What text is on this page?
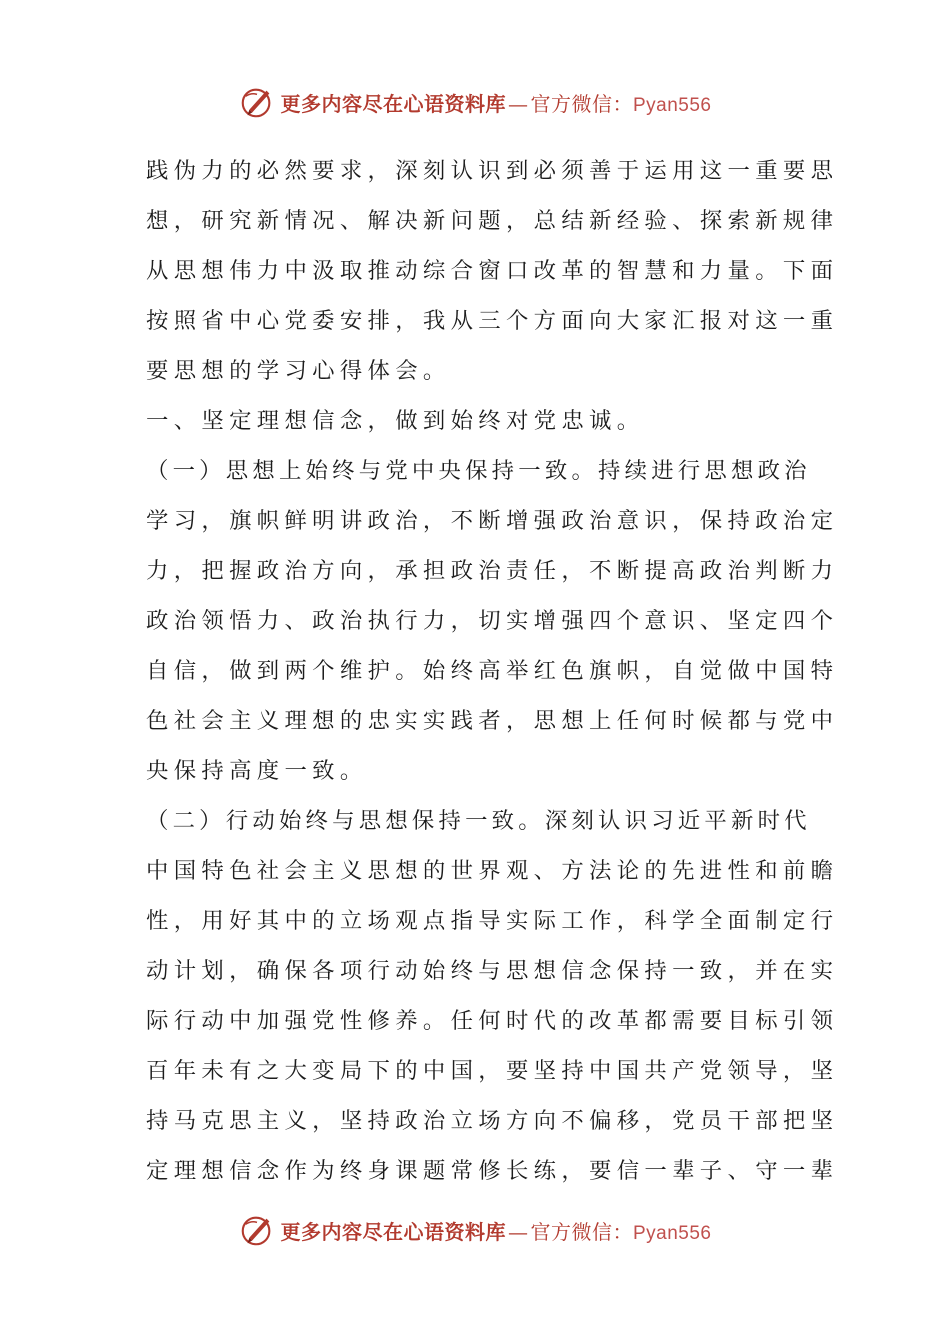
更多内容尽在心语资料库 — 官方微信：Pyan556
践伪力的必然要求，深刻认识到必须善于运用这一重要思
想，研究新情况、解决新问题，总结新经验、探索新规律
从思想伟力中汲取推动综合窗口改革的智慧和力量。下面
按照省中心党委安排，我从三个方面向大家汇报对这一重
要思想的学习心得体会。
一、坚定理想信念，做到始终对党忠诚。
（一）思想上始终与党中央保持一致。持续进行思想政治
学习，旗帜鲜明讲政治，不断增强政治意识，保持政治定
力，把握政治方向，承担政治责任，不断提高政治判断力
政治领悟力、政治执行力，切实增强四个意识、坚定四个
自信，做到两个维护。始终高举红色旗帜，自觉做中国特
色社会主义理想的忠实实践者，思想上任何时候都与党中
央保持高度一致。
（二）行动始终与思想保持一致。深刻认识习近平新时代
中国特色社会主义思想的世界观、方法论的先进性和前瞻
性，用好其中的立场观点指导实际工作，科学全面制定行
动计划，确保各项行动始终与思想信念保持一致，并在实
际行动中加强党性修养。任何时代的改革都需要目标引领
百年未有之大变局下的中国，要坚持中国共产党领导，坚
持马克思主义，坚持政治立场方向不偏移，党员干部把坚
定理想信念作为终身课题常修长练，要信一辈子、守一辈
更多内容尽在心语资料库 — 官方微信：Pyan556
